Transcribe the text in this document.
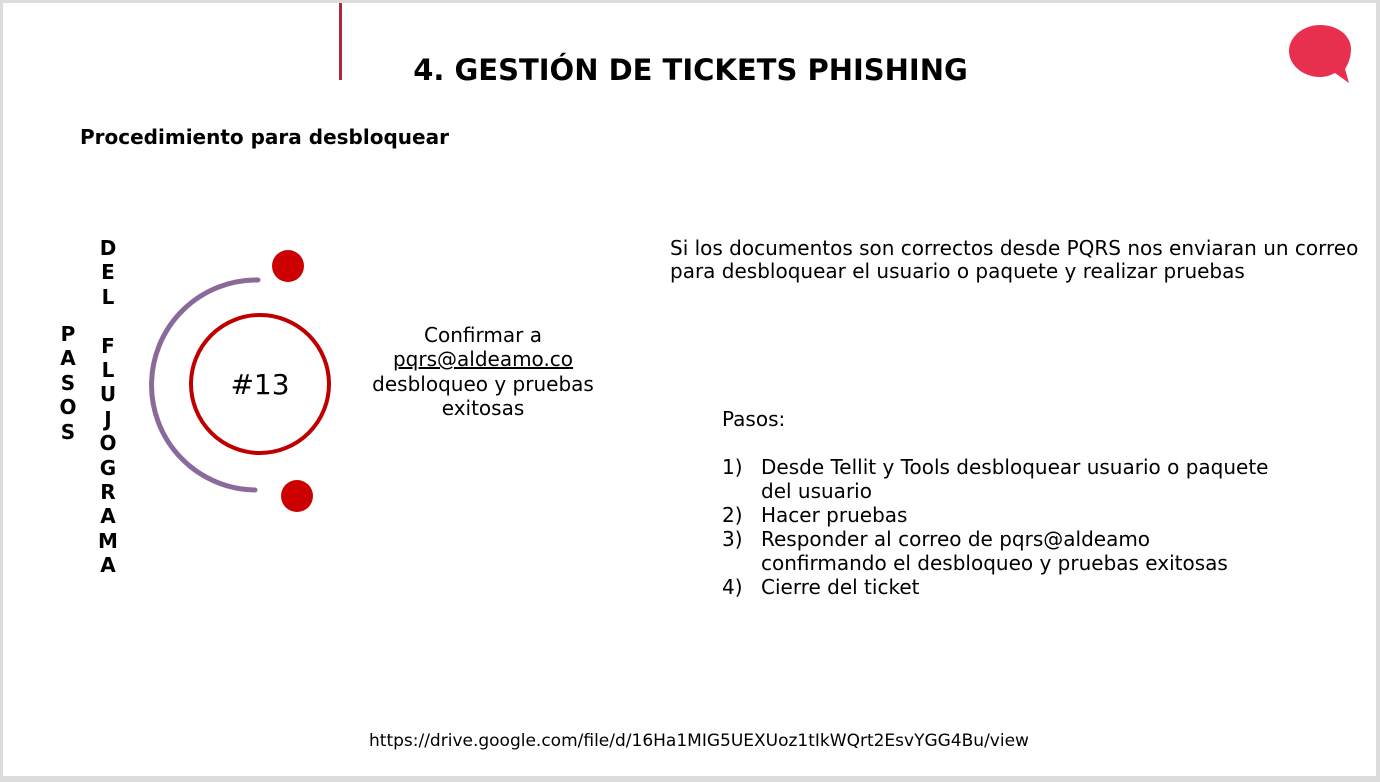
4. GESTIÓN DE TICKETS PHISHING
Procedimiento para desbloquear
P
A
S
O
S
D
E
L
F
L
U
J
O
G
R
A
M
A
#13
Confirmar a
pqrs@aldeamo.co
desbloqueo y pruebas exitosas
Si los documentos son correctos desde PQRS nos enviaran un correo para desbloquear el usuario o paquete y realizar pruebas
Pasos:
1) Desde Tellit y Tools desbloquear usuario o paquete del usuario
2) Hacer pruebas
3) Responder al correo de pqrs@aldeamo confirmando el desbloqueo y pruebas exitosas
4) Cierre del ticket
https://drive.google.com/file/d/16Ha1MIG5UEXUoz1tIkWQrt2EsvYGG4Bu/view
